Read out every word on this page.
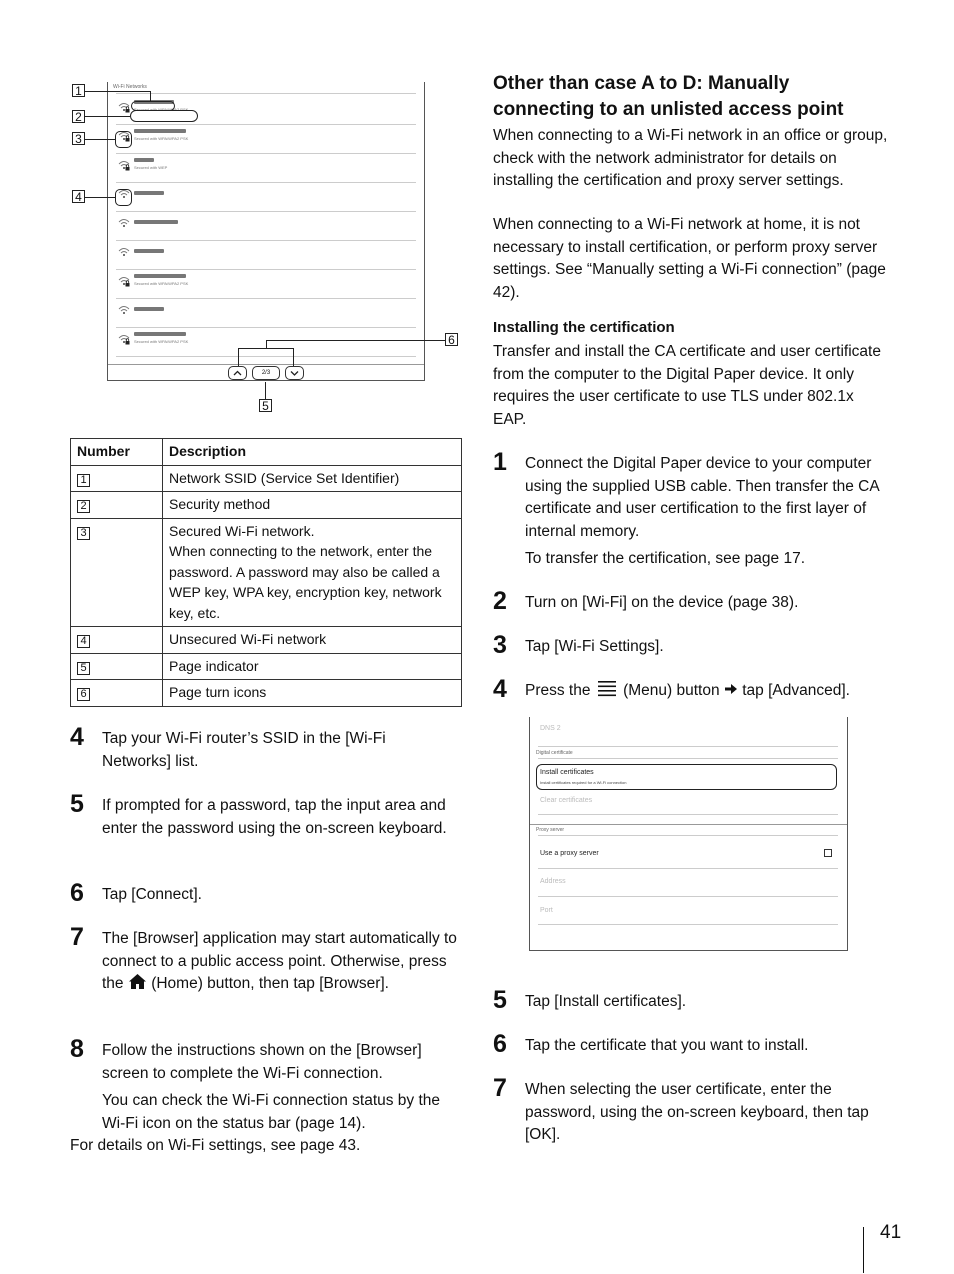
Wi-Fi Networks
Secured with WPA/WPA2 PSK
Secured with WPA/WPA2 PSK
Secured with WEP
Secured with WPA/WPA2 PSK
Secured with WPA/WPA2 PSK
2/3
1
2
3
4
6
5
Number	Description
1	Network SSID (Service Set Identifier)
2	Security method
3	Secured Wi-Fi network.
When connecting to the network, enter the password. A password may also be called a WEP key, WPA key, encryption key, network key, etc.

4	Unsecured Wi-Fi network
5	Page indicator
6	Page turn icons
4 Tap your Wi-Fi router’s SSID in the [Wi-Fi Networks] list.
5 If prompted for a password, tap the input area and enter the password using the on-screen keyboard.
6 Tap [Connect].
7 The [Browser] application may start automatically to connect to a public access point. Otherwise, press the (Home) button, then tap [Browser].
8 Follow the instructions shown on the [Browser] screen to complete the Wi-Fi connection.
You can check the Wi-Fi connection status by the Wi-Fi icon on the status bar (page 14).
For details on Wi-Fi settings, see page 43.
Other than case A to D: Manually connecting to an unlisted access point
When connecting to a Wi-Fi network in an office or group, check with the network administrator for details on installing the certification and proxy server settings.
When connecting to a Wi-Fi network at home, it is not necessary to install certification, or perform proxy server settings. See “Manually setting a Wi-Fi connection” (page 42).
Installing the certification
Transfer and install the CA certificate and user certificate from the computer to the Digital Paper device. It only requires the user certificate to use TLS under 802.1x EAP.
1 Connect the Digital Paper device to your computer using the supplied USB cable. Then transfer the CA certificate and user certification to the first layer of internal memory.
To transfer the certification, see page 17.
2 Turn on [Wi-Fi] on the device (page 38).
3 Tap [Wi-Fi Settings].
4 Press the (Menu) button tap [Advanced].
DNS 2
Digital certificate
Install certificates
Install certificates required for a Wi-Fi connection
Clear certificates
Proxy server
Use a proxy server
Address
Port
5 Tap [Install certificates].
6 Tap the certificate that you want to install.
7 When selecting the user certificate, enter the password, using the on-screen keyboard, then tap [OK].
41
